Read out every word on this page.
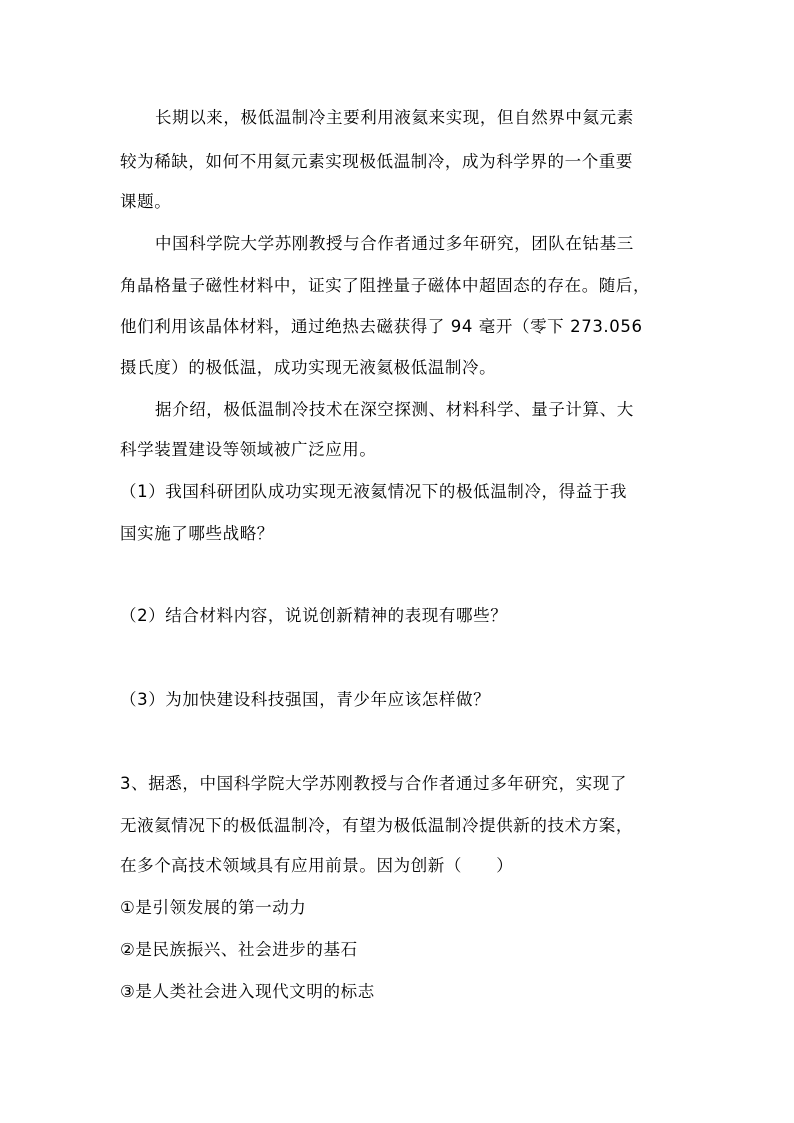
长期以来，极低温制冷主要利用液氦来实现，但自然界中氦元素
较为稀缺，如何不用氦元素实现极低温制冷，成为科学界的一个重要
课题。
中国科学院大学苏刚教授与合作者通过多年研究，团队在钴基三
角晶格量子磁性材料中，证实了阻挫量子磁体中超固态的存在。随后，
他们利用该晶体材料，通过绝热去磁获得了 94 毫开（零下 273.056
摄氏度）的极低温，成功实现无液氦极低温制冷。
据介绍，极低温制冷技术在深空探测、材料科学、量子计算、大
科学装置建设等领域被广泛应用。
（1）我国科研团队成功实现无液氦情况下的极低温制冷，得益于我
国实施了哪些战略？
（2）结合材料内容，说说创新精神的表现有哪些？
（3）为加快建设科技强国，青少年应该怎样做？
3、据悉，中国科学院大学苏刚教授与合作者通过多年研究，实现了
无液氦情况下的极低温制冷，有望为极低温制冷提供新的技术方案，
在多个高技术领域具有应用前景。因为创新（　　）
①是引领发展的第一动力
②是民族振兴、社会进步的基石
③是人类社会进入现代文明的标志
